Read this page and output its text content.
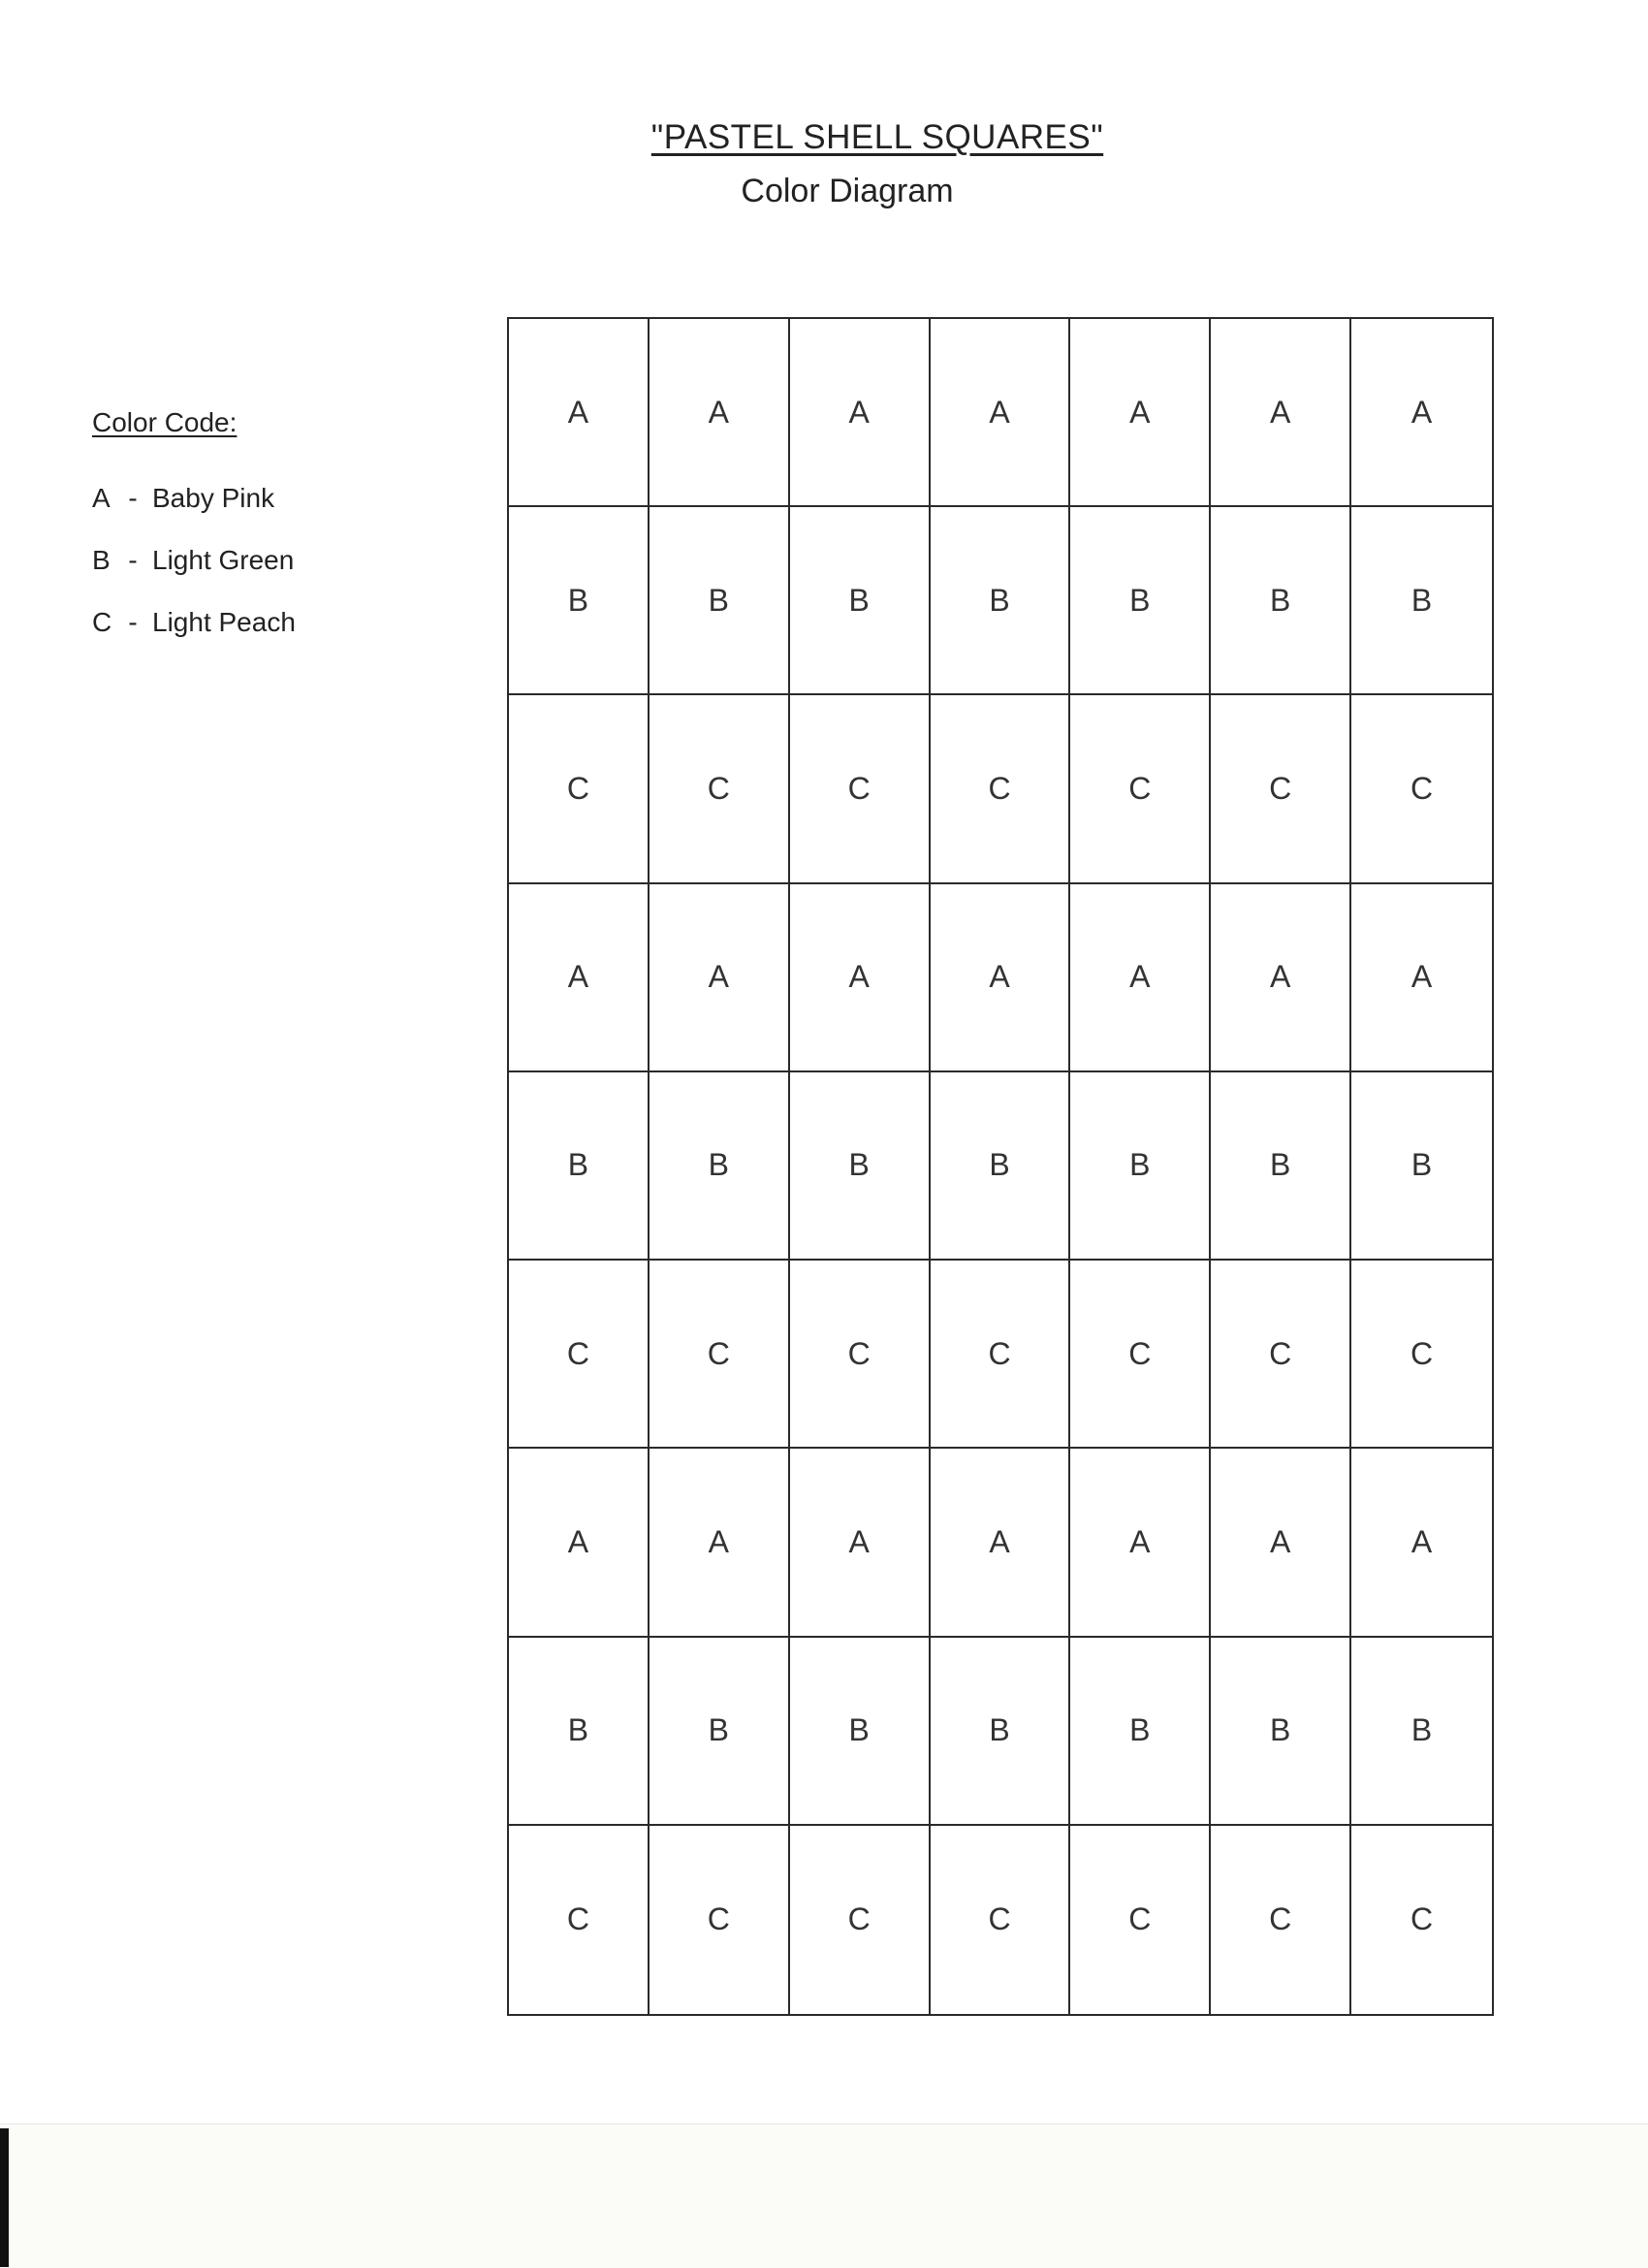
"PASTEL SHELL SQUARES"
Color Diagram
Color Code:
A - Baby Pink
B - Light Green
C - Light Peach
A	A	A	A	A	A	A
B	B	B	B	B	B	B
C	C	C	C	C	C	C
A	A	A	A	A	A	A
B	B	B	B	B	B	B
C	C	C	C	C	C	C
A	A	A	A	A	A	A
B	B	B	B	B	B	B
C	C	C	C	C	C	C
